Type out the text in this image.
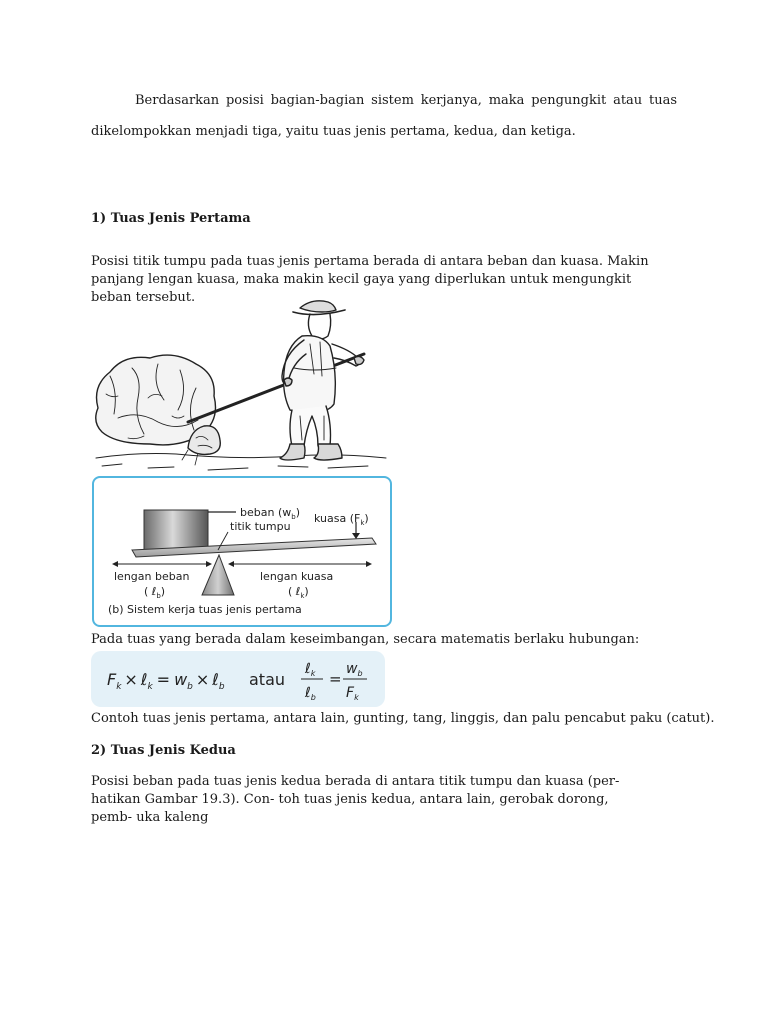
Berdasarkan posisi bagian-bagian sistem kerjanya, maka pengungkit atau tuas

dikelompokkan menjadi tiga, yaitu tuas jenis pertama, kedua, dan ketiga.

1) Tuas Jenis Pertama

Posisi titik tumpu pada tuas jenis pertama berada di antara beban dan kuasa. Makin panjang lengan kuasa, maka makin kecil gaya yang diperlukan untuk mengungkit beban tersebut.

beban $(w_b)$ kuasa $(F_k)$
titik tumpu
lengan beban
( ℓ$_b$)
lengan kuasa
( ℓ$_k$)
(b) Sistem kerja tuas jenis pertama

Pada tuas yang berada dalam keseimbangan, secara matematis berlaku hubungan:

$F_k$ × ℓ$_k$ = $w_b$ × ℓ$_b$ atau
ℓ$_k$
ℓ$_b$
=
$w_b$
$F_k$

Contoh tuas jenis pertama, antara lain, gunting, tang, linggis, dan palu pencabut paku (catut).

2) Tuas Jenis Kedua

Posisi beban pada tuas jenis kedua berada di antara titik tumpu dan kuasa (per- hatikan Gambar 19.3). Con- toh tuas jenis kedua, antara lain, gerobak dorong, pemb- uka kaleng
